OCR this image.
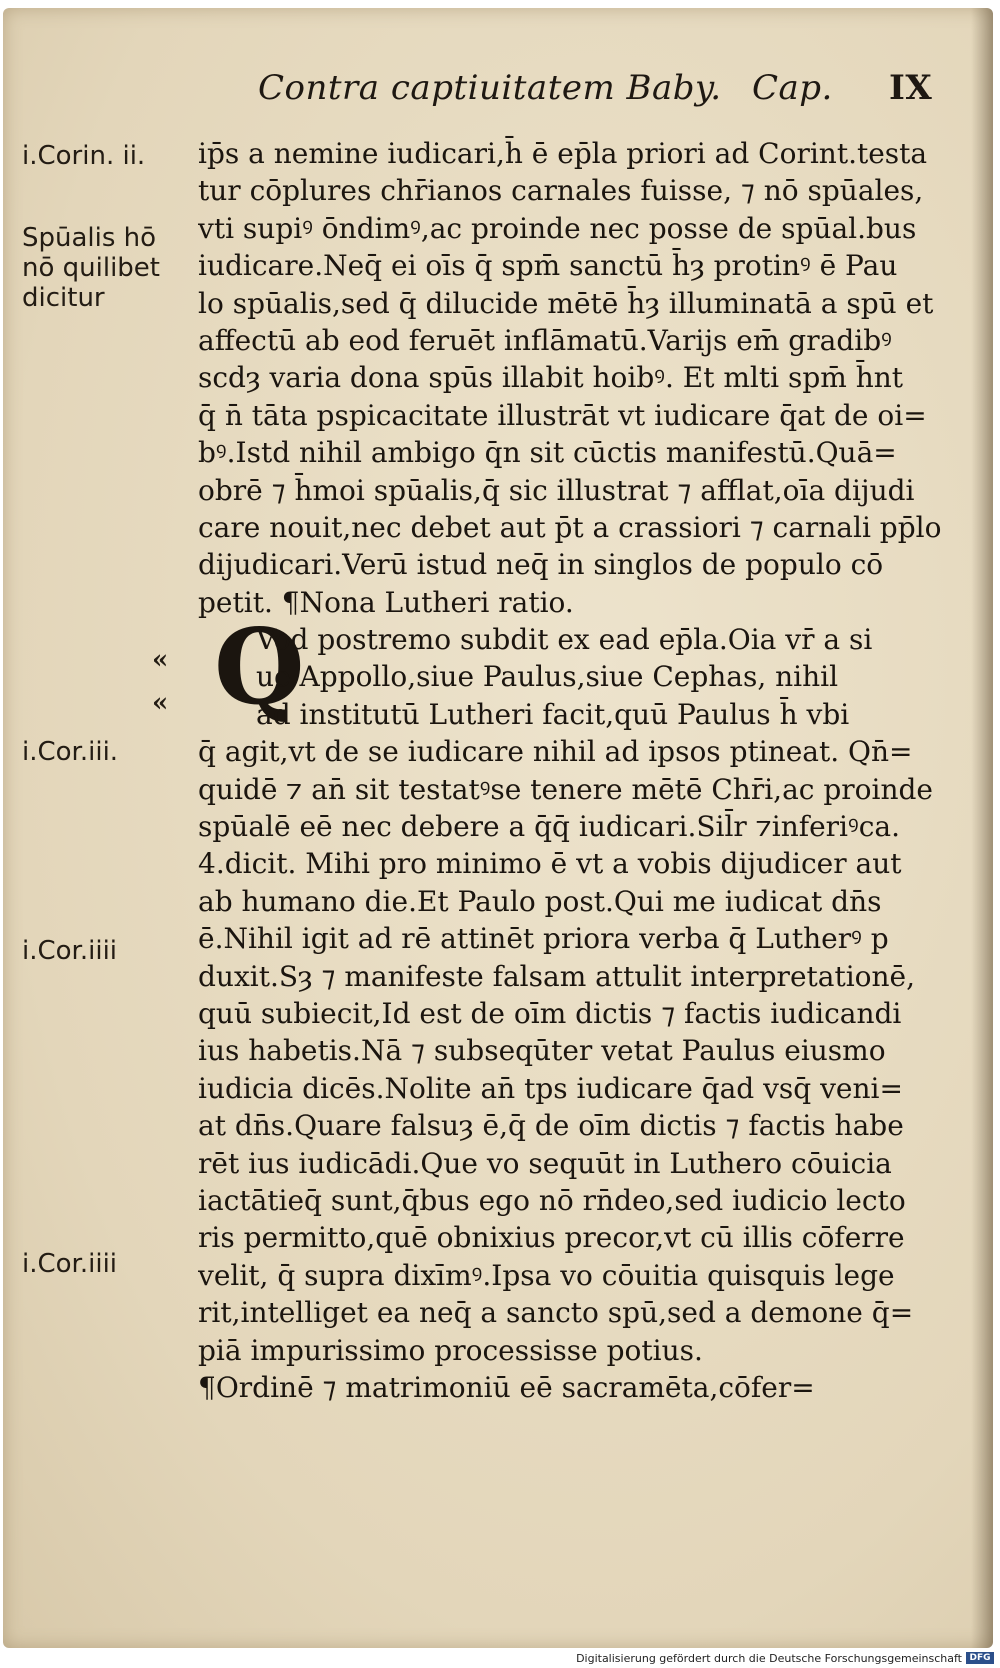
Contra captiuitatem Baby. Cap. IX
i.Corin. ii.
Spūalis hō
nō quilibet
dicitur
i.Cor.iii.
i.Cor.iiii
i.Cor.iiii
«
« Q
ip̄s a nemine iudicari,h̄ ē ep̄la priori ad Corint.testa
tur cōplures chr̄ianos carnales fuisse, ⁊ nō spūales,
vti supiꝰ ōndimꝰ,ac proinde nec posse de spūal.bus
iudicare.Neq̄ ei oīs q̄ spm̄ sanctū h̄ȝ protinꝰ ē Pau
lo spūalis,sed q̄ dilucide mētē h̄ȝ illuminatā a spū et
affectū ab eod feruēt inflāmatū.Varijs em̄ gradibꝰ
scdȝ varia dona spūs illabit hoibꝰ. Et mlti spm̄ h̄nt
q̄ n̄ tāta pspicacitate illustrāt vt iudicare q̄at de oi=
bꝰ.Istd nihil ambigo q̄n sit cūctis manifestū.Quā=
obrē ⁊ h̄moi spūalis,q̄ sic illustrat ⁊ afflat,oīa dijudi
care nouit,nec debet aut p̄t a crassiori ⁊ carnali pp̄lo
dijudicari.Verū istud neq̄ in singlos de populo cō
petit. ¶Nona Lutheri ratio.
Vod postremo subdit ex ead ep̄la.Oia vr̄ a si
ue Appollo,siue Paulus,siue Cephas, nihil
ad institutū Lutheri facit,quū Paulus h̄ vbi
q̄ agit,vt de se iudicare nihil ad ipsos ptineat. Qn̄=
quidē ⁊ an̄ sit testatꝰse tenere mētē Chr̄i,ac proinde
spūalē eē nec debere a q̄q̄ iudicari.Sil̄r ⁊inferiꝰca.
4.dicit. Mihi pro minimo ē vt a vobis dijudicer aut
ab humano die.Et Paulo post.Qui me iudicat dn̄s
ē.Nihil igit ad rē attinēt priora verba q̄ Lutherꝰ p
duxit.Sȝ ⁊ manifeste falsam attulit interpretationē,
quū subiecit,Id est de oīm dictis ⁊ factis iudicandi
ius habetis.Nā ⁊ subseqūter vetat Paulus eiusmo
iudicia dicēs.Nolite an̄ tps iudicare q̄ad vsq̄ veni=
at dn̄s.Quare falsuȝ ē,q̄ de oīm dictis ⁊ factis habe
rēt ius iudicādi.Que vo sequūt in Luthero cōuicia
iactātieq̄ sunt,q̄bus ego nō rn̄deo,sed iudicio lecto
ris permitto,quē obnixius precor,vt cū illis cōferre
velit, q̄ supra dixīmꝰ.Ipsa vo cōuitia quisquis lege
rit,intelliget ea neq̄ a sancto spū,sed a demone q̄=
piā impurissimo processisse potius.
¶Ordinē ⁊ matrimoniū eē sacramēta,cōfer=
Digitalisierung gefördert durch die Deutsche Forschungsgemeinschaft DFG
